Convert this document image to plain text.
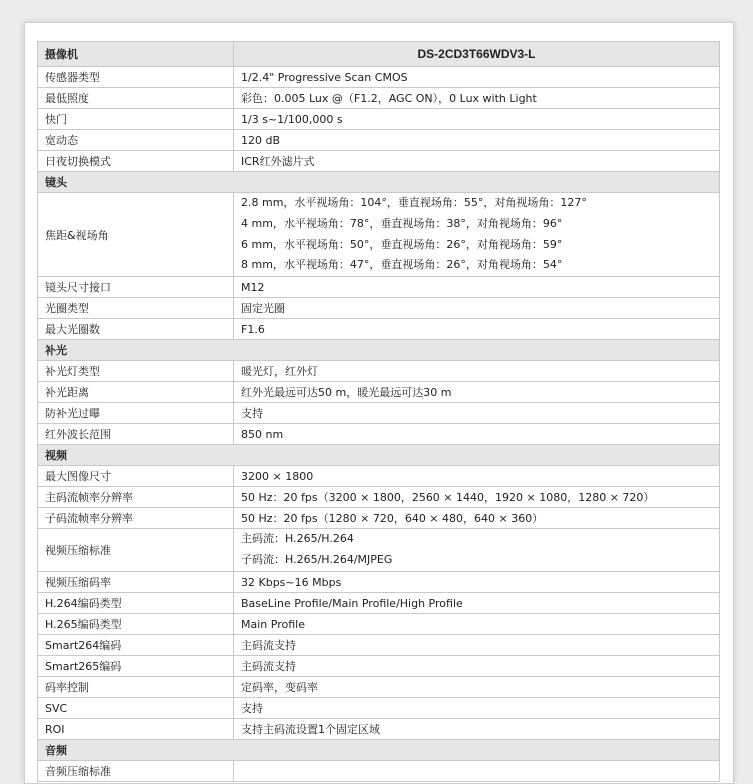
摄像机	DS-2CD3T66WDV3-L
传感器类型	1/2.4" Progressive Scan CMOS
最低照度	彩色：0.005 Lux @（F1.2，AGC ON），0 Lux with Light
快门	1/3 s~1/100,000 s
宽动态	120 dB
日夜切换模式	ICR红外滤片式
镜头	
焦距&视场角	2.8 mm，水平视场角：104°，垂直视场角：55°，对角视场角：127°
4 mm，水平视场角：78°，垂直视场角：38°，对角视场角：96°
6 mm，水平视场角：50°，垂直视场角：26°，对角视场角：59°
8 mm，水平视场角：47°，垂直视场角：26°，对角视场角：54°

镜头尺寸接口	M12
光圈类型	固定光圈
最大光圈数	F1.6
补光	
补光灯类型	暖光灯，红外灯
补光距离	红外光最远可达50 m，暖光最远可达30 m
防补光过曝	支持
红外波长范围	850 nm
视频	
最大图像尺寸	3200 × 1800
主码流帧率分辨率	50 Hz：20 fps（3200 × 1800，2560 × 1440，1920 × 1080，1280 × 720）
子码流帧率分辨率	50 Hz：20 fps（1280 × 720，640 × 480，640 × 360）
视频压缩标准	主码流：H.265/H.264
子码流：H.265/H.264/MJPEG

视频压缩码率	32 Kbps~16 Mbps
H.264编码类型	BaseLine Profile/Main Profile/High Profile
H.265编码类型	Main Profile
Smart264编码	主码流支持
Smart265编码	主码流支持
码率控制	定码率，变码率
SVC	支持
ROI	支持主码流设置1个固定区域
音频	
音频压缩标准	
